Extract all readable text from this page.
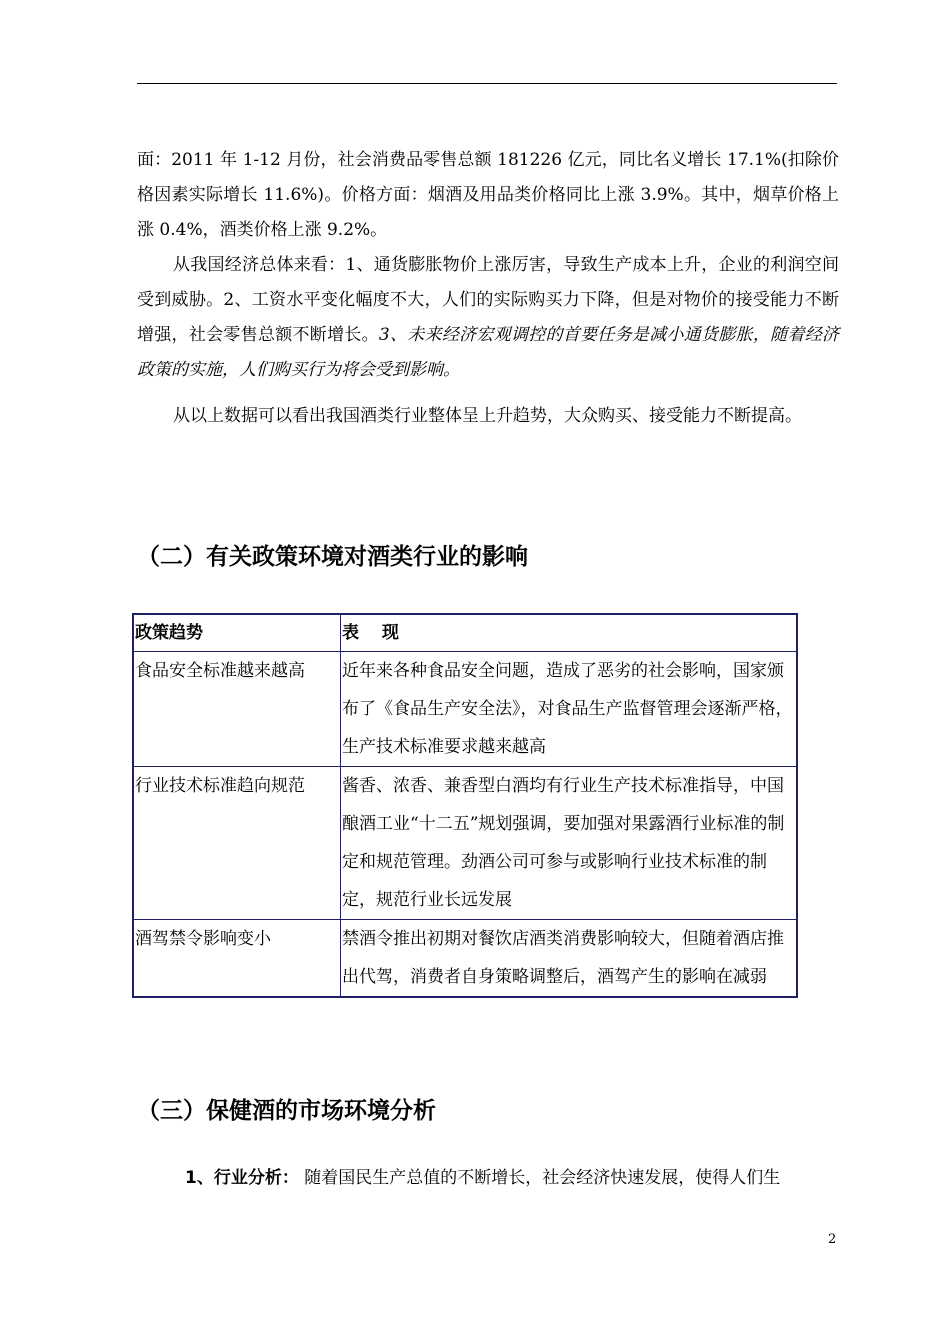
面：2011 年 1-12 月份，社会消费品零售总额 181226 亿元，同比名义增长 17.1%(扣除价格因素实际增长 11.6%)。价格方面：烟酒及用品类价格同比上涨 3.9%。其中，烟草价格上涨 0.4%，酒类价格上涨 9.2%。

从我国经济总体来看：1、通货膨胀物价上涨厉害，导致生产成本上升，企业的利润空间受到威胁。2、工资水平变化幅度不大，人们的实际购买力下降，但是对物价的接受能力不断增强，社会零售总额不断增长。3、未来经济宏观调控的首要任务是减小通货膨胀，随着经济政策的实施，人们购买行为将会受到影响。

从以上数据可以看出我国酒类行业整体呈上升趋势，大众购买、接受能力不断提高。

（二）有关政策环境对酒类行业的影响
政策趋势	表　 现
食品安全标准越来越高	近年来各种食品安全问题，造成了恶劣的社会影响，国家颁布了《食品生产安全法》，对食品生产监督管理会逐渐严格，生产技术标准要求越来越高
行业技术标准趋向规范	酱香、浓香、兼香型白酒均有行业生产技术标准指导，中国酿酒工业“十二五”规划强调，要加强对果露酒行业标准的制定和规范管理。劲酒公司可参与或影响行业技术标准的制定，规范行业长远发展
酒驾禁令影响变小	禁酒令推出初期对餐饮店酒类消费影响较大，但随着酒店推出代驾，消费者自身策略调整后，酒驾产生的影响在减弱
（三）保健酒的市场环境分析

1、行业分析： 随着国民生产总值的不断增长，社会经济快速发展，使得人们生

2
